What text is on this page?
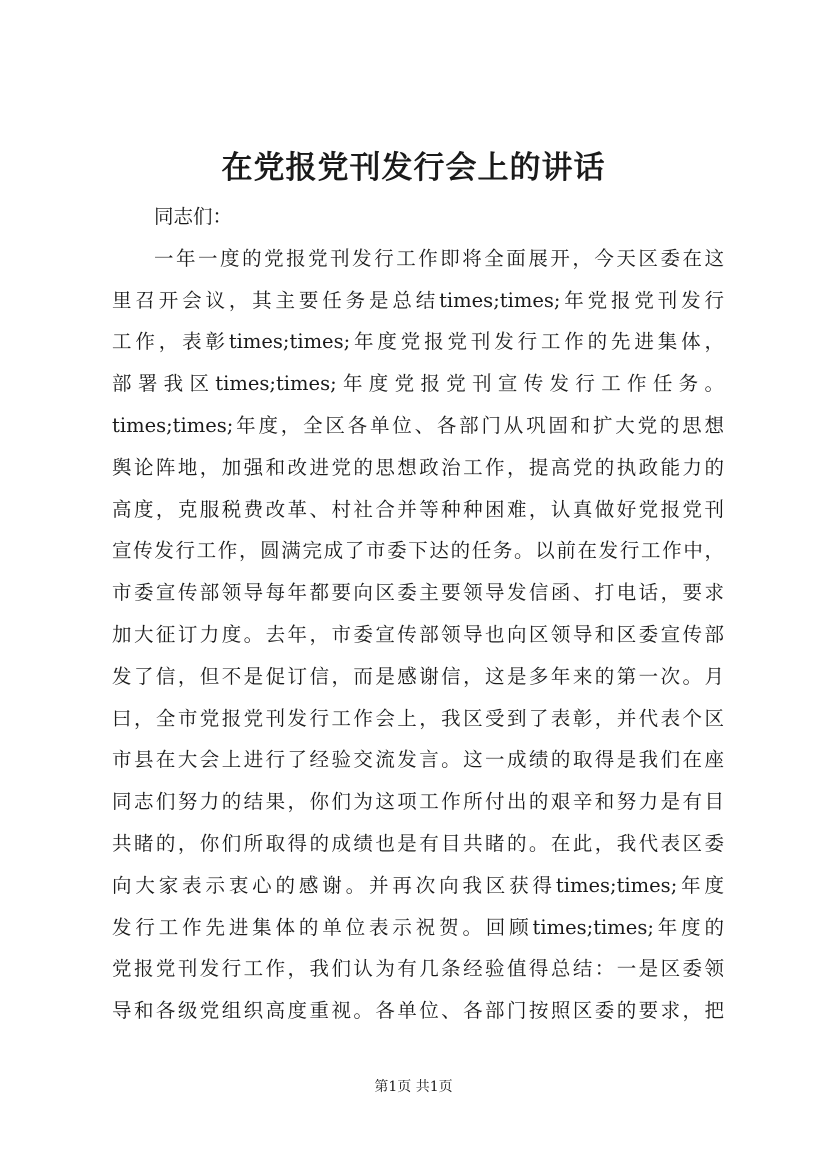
在党报党刊发行会上的讲话
同志们：
一年一度的党报党刊发行工作即将全面展开，今天区委在这
里召开会议，其主要任务是总结times;times;年党报党刊发行
工作，表彰times;times;年度党报党刊发行工作的先进集体，
部署我区times;times;年度党报党刊宣传发行工作任务。
times;times;年度，全区各单位、各部门从巩固和扩大党的思想
舆论阵地，加强和改进党的思想政治工作，提高党的执政能力的
高度，克服税费改革、村社合并等种种困难，认真做好党报党刊
宣传发行工作，圆满完成了市委下达的任务。以前在发行工作中，
市委宣传部领导每年都要向区委主要领导发信函、打电话，要求
加大征订力度。去年，市委宣传部领导也向区领导和区委宣传部
发了信，但不是促订信，而是感谢信，这是多年来的第一次。月
曰，全市党报党刊发行工作会上，我区受到了表彰，并代表个区
市县在大会上进行了经验交流发言。这一成绩的取得是我们在座
同志们努力的结果，你们为这项工作所付出的艰辛和努力是有目
共睹的，你们所取得的成绩也是有目共睹的。在此，我代表区委
向大家表示衷心的感谢。并再次向我区获得times;times;年度
发行工作先进集体的单位表示祝贺。回顾times;times;年度的
党报党刊发行工作，我们认为有几条经验值得总结：一是区委领
导和各级党组织高度重视。各单位、各部门按照区委的要求，把
第1页 共1页
